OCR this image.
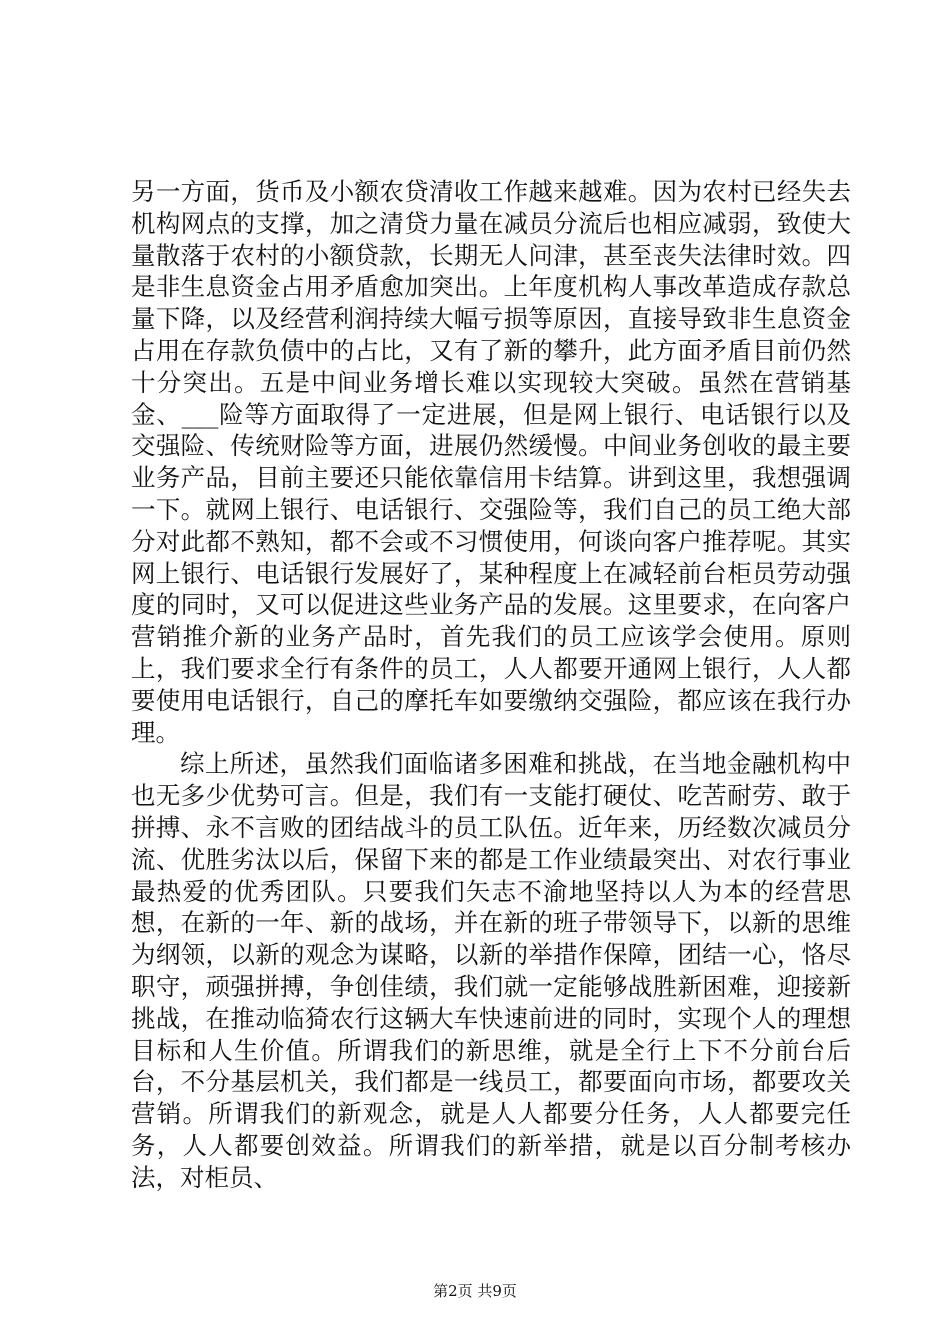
另一方面，货币及小额农贷清收工作越来越难。因为农村已经失去机构网点的支撑，加之清贷力量在减员分流后也相应减弱，致使大量散落于农村的小额贷款，长期无人问津，甚至丧失法律时效。四是非生息资金占用矛盾愈加突出。上年度机构人事改革造成存款总量下降，以及经营利润持续大幅亏损等原因，直接导致非生息资金占用在存款负债中的占比，又有了新的攀升，此方面矛盾目前仍然十分突出。五是中间业务增长难以实现较大突破。虽然在营销基金、___险等方面取得了一定进展，但是网上银行、电话银行以及交强险、传统财险等方面，进展仍然缓慢。中间业务创收的最主要业务产品，目前主要还只能依靠信用卡结算。讲到这里，我想强调一下。就网上银行、电话银行、交强险等，我们自己的员工绝大部分对此都不熟知，都不会或不习惯使用，何谈向客户推荐呢。其实网上银行、电话银行发展好了，某种程度上在减轻前台柜员劳动强度的同时，又可以促进这些业务产品的发展。这里要求，在向客户营销推介新的业务产品时，首先我们的员工应该学会使用。原则上，我们要求全行有条件的员工，人人都要开通网上银行，人人都要使用电话银行，自己的摩托车如要缴纳交强险，都应该在我行办理。

综上所述，虽然我们面临诸多困难和挑战，在当地金融机构中也无多少优势可言。但是，我们有一支能打硬仗、吃苦耐劳、敢于拼搏、永不言败的团结战斗的员工队伍。近年来，历经数次减员分流、优胜劣汰以后，保留下来的都是工作业绩最突出、对农行事业最热爱的优秀团队。只要我们矢志不渝地坚持以人为本的经营思想，在新的一年、新的战场，并在新的班子带领导下，以新的思维为纲领，以新的观念为谋略，以新的举措作保障，团结一心，恪尽职守，顽强拼搏，争创佳绩，我们就一定能够战胜新困难，迎接新挑战，在推动临猗农行这辆大车快速前进的同时，实现个人的理想目标和人生价值。所谓我们的新思维，就是全行上下不分前台后台，不分基层机关，我们都是一线员工，都要面向市场，都要攻关营销。所谓我们的新观念，就是人人都要分任务，人人都要完任务，人人都要创效益。所谓我们的新举措，就是以百分制考核办法，对柜员、

第2页 共9页
